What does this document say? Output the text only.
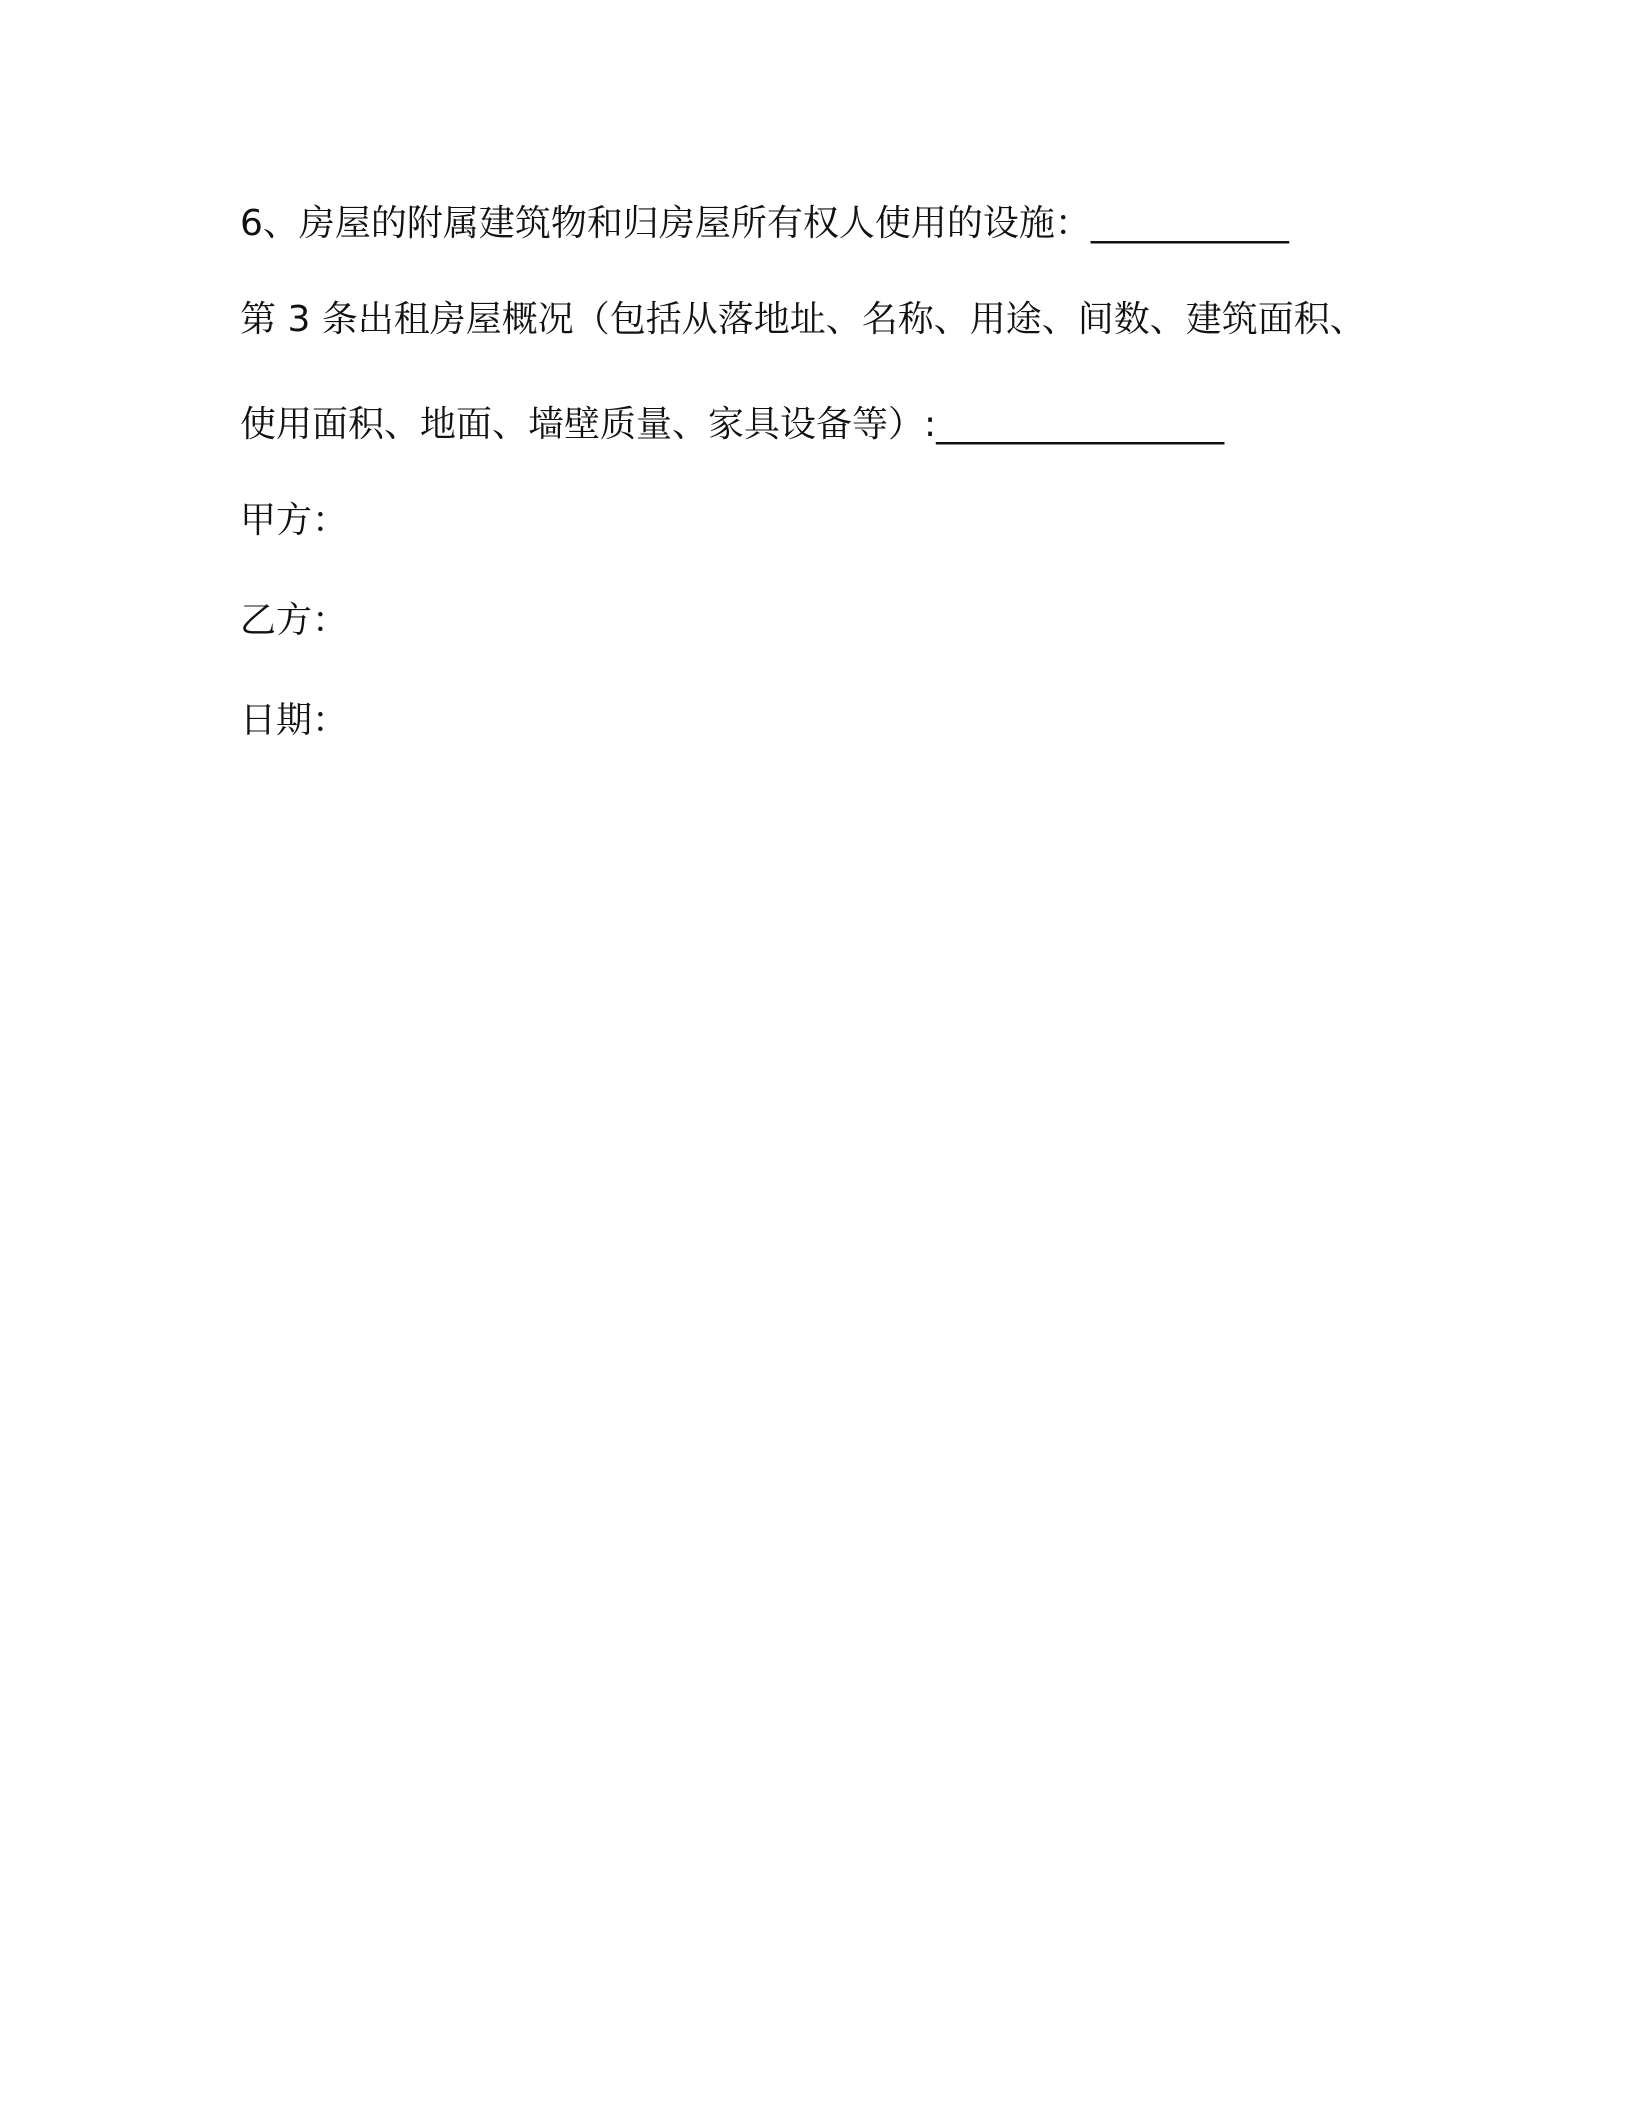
6、房屋的附属建筑物和归房屋所有权人使用的设施：___________
第 3 条出租房屋概况（包括从落地址、名称、用途、间数、建筑面积、
使用面积、地面、墙壁质量、家具设备等）:________________
甲方：
乙方：
日期：
